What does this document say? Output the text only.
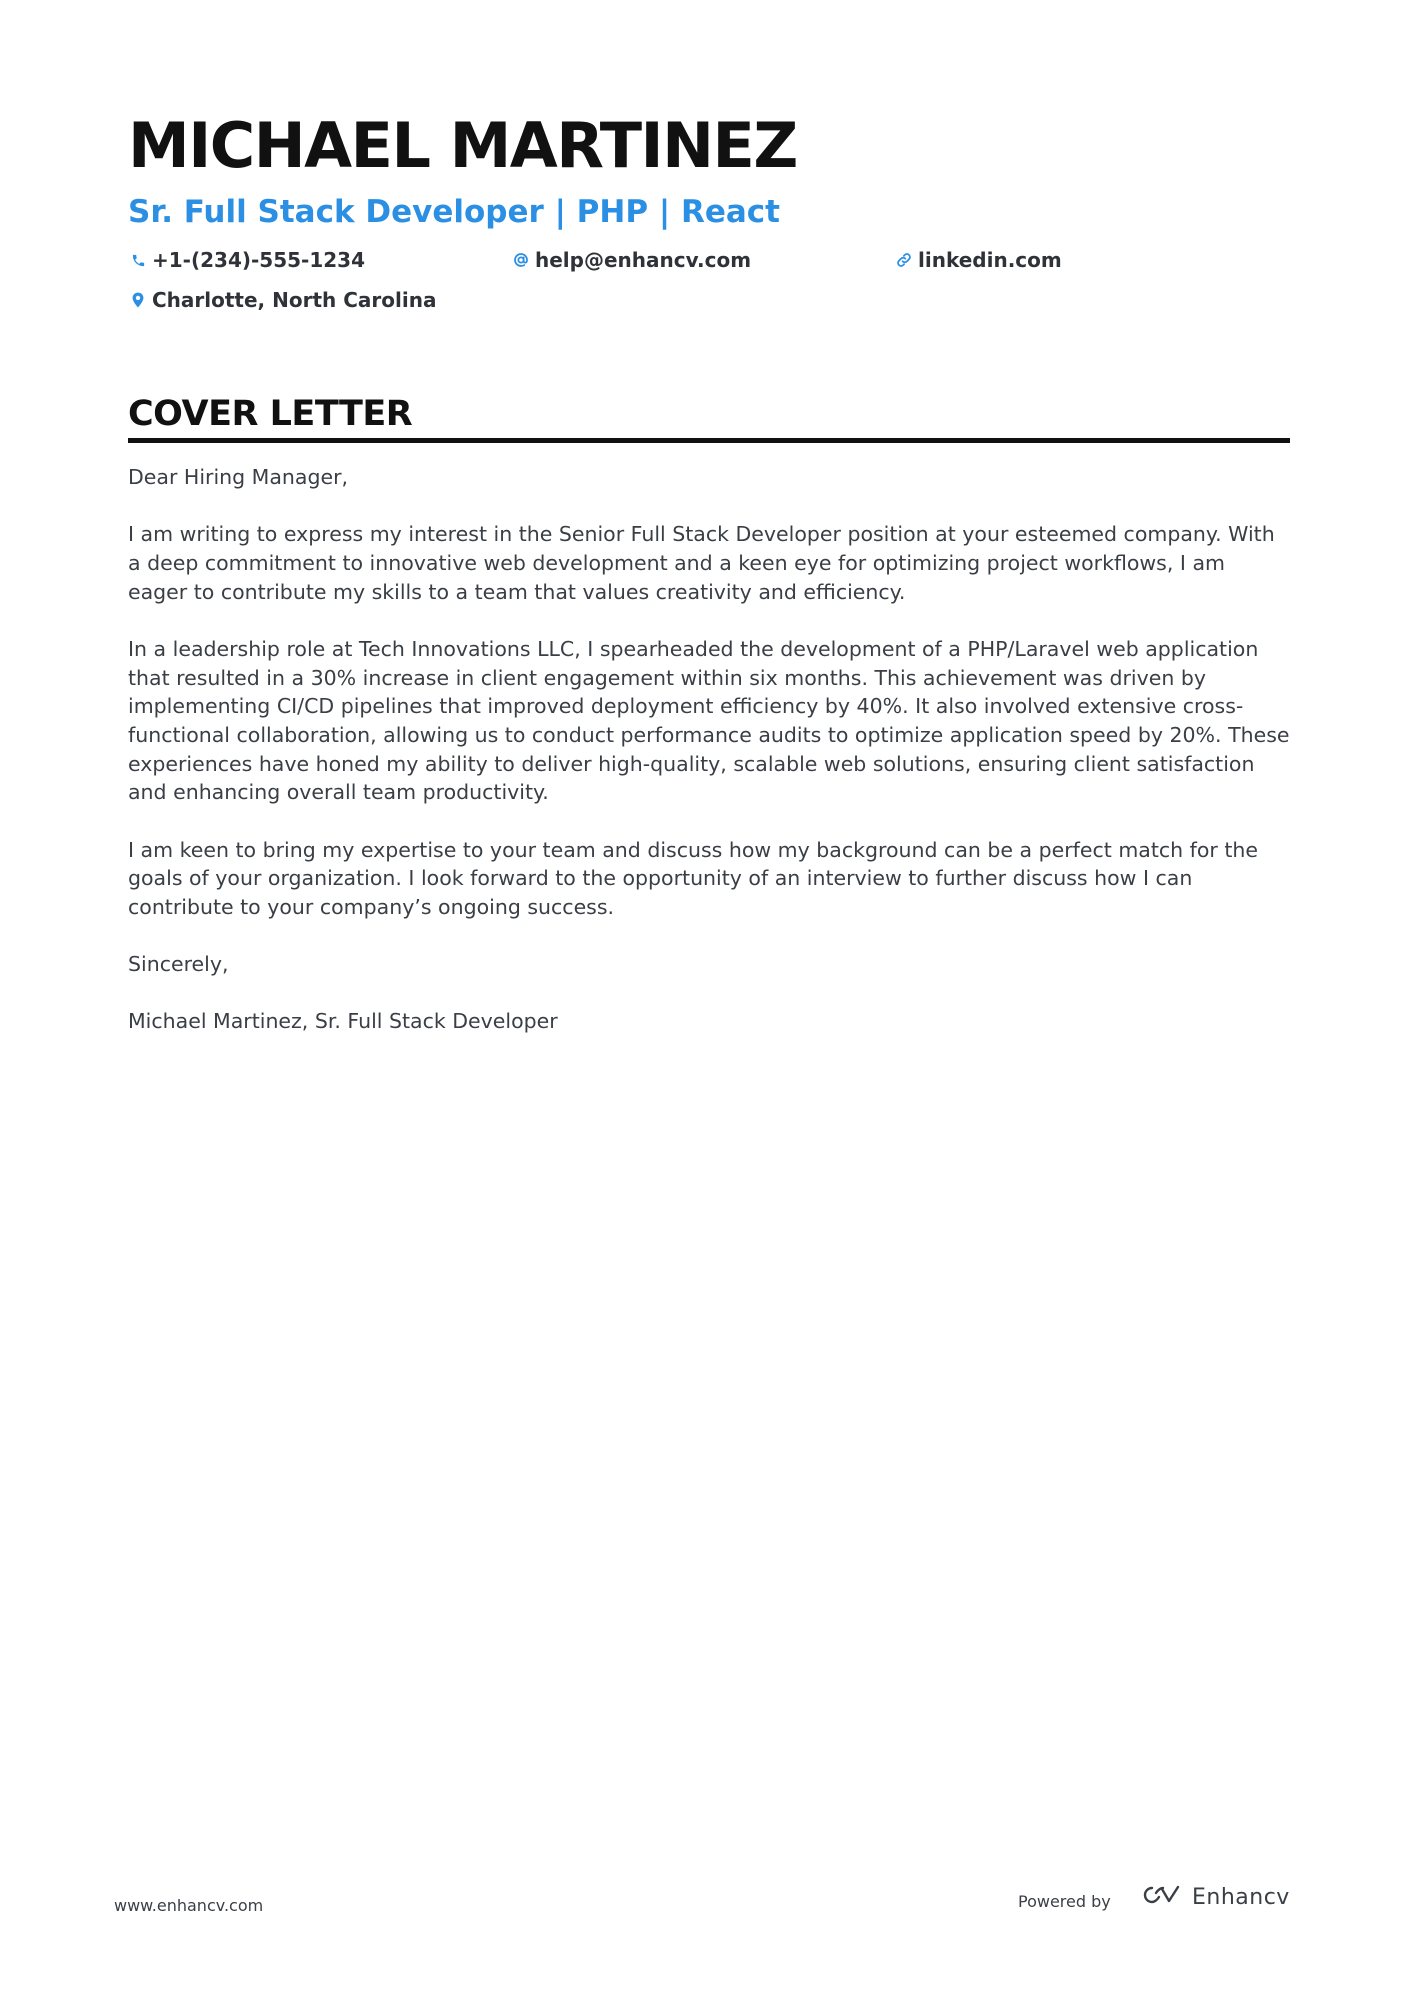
MICHAEL MARTINEZ
Sr. Full Stack Developer | PHP | React
+1-(234)-555-1234	help@enhancv.com	linkedin.com
Charlotte, North Carolina
COVER LETTER

Dear Hiring Manager,

I am writing to express my interest in the Senior Full Stack Developer position at your esteemed company. With a deep commitment to innovative web development and a keen eye for optimizing project workflows, I am eager to contribute my skills to a team that values creativity and efficiency.

In a leadership role at Tech Innovations LLC, I spearheaded the development of a PHP/Laravel web application that resulted in a 30% increase in client engagement within six months. This achievement was driven by implementing CI/CD pipelines that improved deployment efficiency by 40%. It also involved extensive cross-functional collaboration, allowing us to conduct performance audits to optimize application speed by 20%. These experiences have honed my ability to deliver high-quality, scalable web solutions, ensuring client satisfaction and enhancing overall team productivity.

I am keen to bring my expertise to your team and discuss how my background can be a perfect match for the goals of your organization. I look forward to the opportunity of an interview to further discuss how I can contribute to your company’s ongoing success.

Sincerely,

Michael Martinez, Sr. Full Stack Developer

www.enhancv.com	Powered by	Enhancv
